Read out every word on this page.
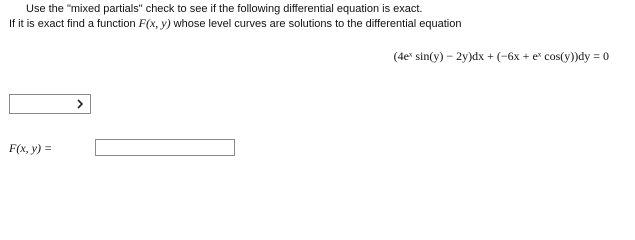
Use the "mixed partials" check to see if the following differential equation is exact.
If it is exact find a function F(x, y) whose level curves are solutions to the differential equation
(4eˣ sin(y) − 2y)dx + (−6x + eˣ cos(y))dy = 0
F(x, y) =
